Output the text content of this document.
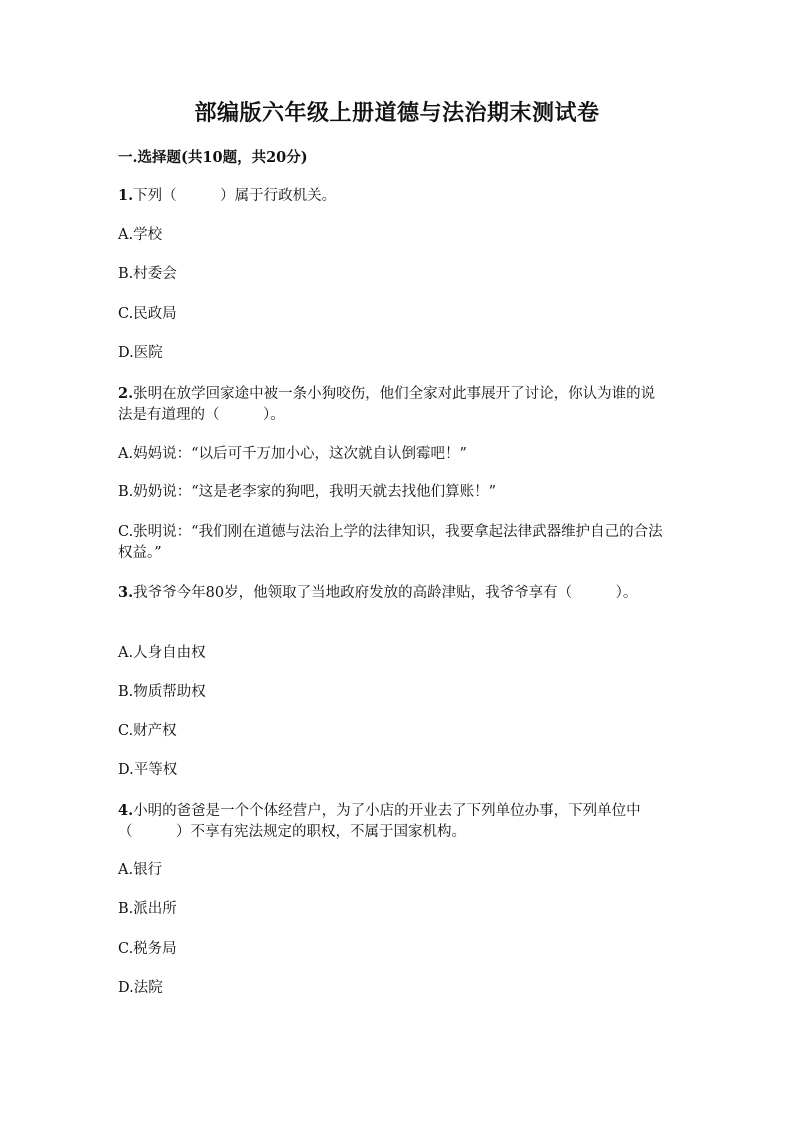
部编版六年级上册道德与法治期末测试卷
一.选择题(共10题，共20分)
1.下列（　　　）属于行政机关。
A.学校
B.村委会
C.民政局
D.医院
2.张明在放学回家途中被一条小狗咬伤，他们全家对此事展开了讨论，你认为谁的说法是有道理的（　　　）。
A.妈妈说：“以后可千万加小心，这次就自认倒霉吧！”
B.奶奶说：“这是老李家的狗吧，我明天就去找他们算账！”
C.张明说：“我们刚在道德与法治上学的法律知识，我要拿起法律武器维护自己的合法权益。”
3.我爷爷今年80岁，他领取了当地政府发放的高龄津贴，我爷爷享有（　　　）。
A.人身自由权
B.物质帮助权
C.财产权
D.平等权
4.小明的爸爸是一个个体经营户，为了小店的开业去了下列单位办事，下列单位中（　　　）不享有宪法规定的职权，不属于国家机构。
A.银行
B.派出所
C.税务局
D.法院
